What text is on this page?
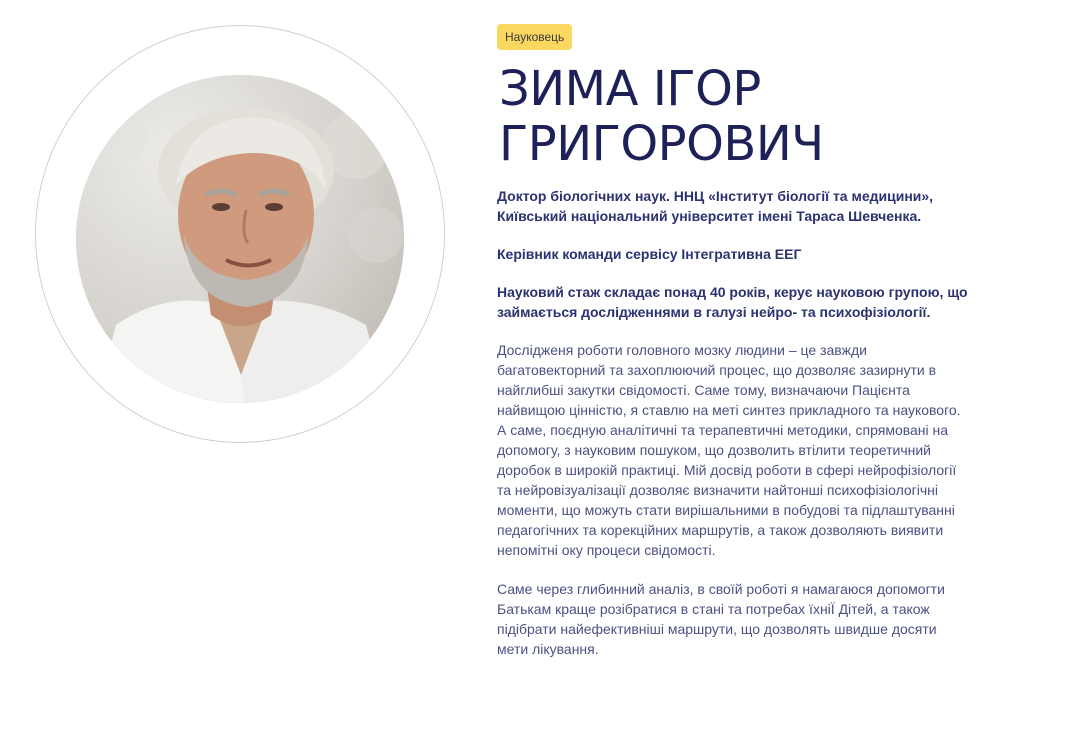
Науковець
ЗИМА ІГОР
ГРИГОРОВИЧ

Доктор біологічних наук. ННЦ «Інститут біології та медицини»,
Київський національний університет імені Тараса Шевченка.

Керівник команди сервісу Інтегративна ЕЕГ

Науковий стаж складає понад 40 років, керує науковою групою, що
займається дослідженнями в галузі нейро- та психофізіології.

Дослідженя роботи головного мозку людини – це завжди
багатовекторний та захоплюючий процес, що дозволяє зазирнути в
найглибші закутки свідомості. Саме тому, визначаючи Пацієнта
найвищою цінністю, я ставлю на меті синтез прикладного та наукового.
А саме, поєдную аналітичні та терапевтичні методики, спрямовані на
допомогу, з науковим пошуком, що дозволить втілити теоретичний
доробок в широкій практиці. Мій досвід роботи в сфері нейрофізіології
та нейровізуалізації дозволяє визначити найтонші психофізіологічні
моменти, що можуть стати вирішальними в побудові та підлаштуванні
педагогічних та корекційних маршрутів, а також дозволяють виявити
непомітні оку процеси свідомості.

Саме через глибинний аналіз, в своїй роботі я намагаюся допомогти
Батькам краще розібратися в стані та потребах їхніЇ Дітей, а також
підібрати найефективніші маршрути, що дозволять швидше досяти
мети лікування.
